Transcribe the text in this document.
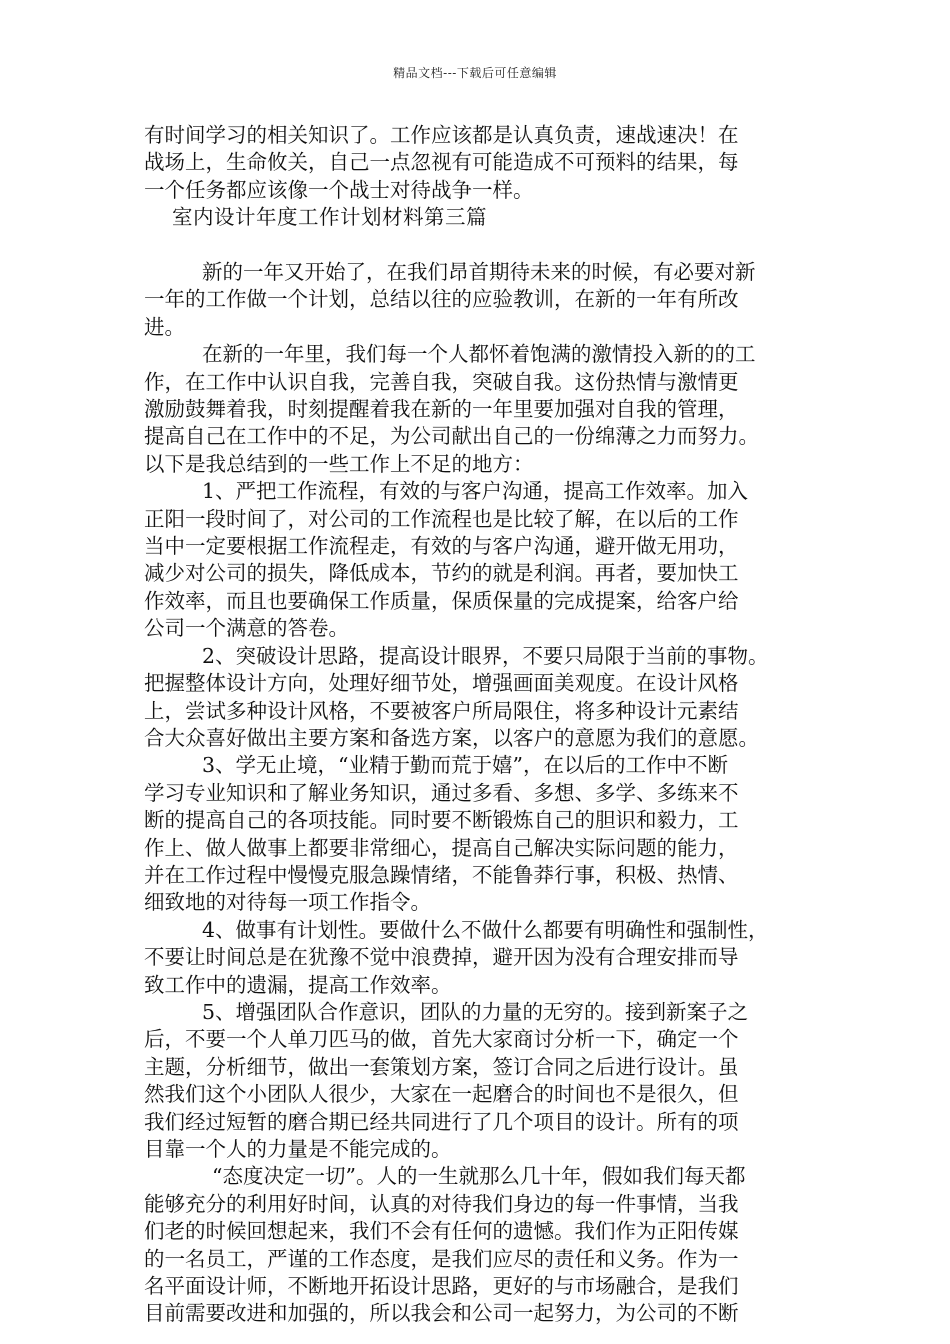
精品文档---下载后可任意编辑
有时间学习的相关知识了。工作应该都是认真负责，速战速决！在
战场上，生命攸关，自己一点忽视有可能造成不可预料的结果，每
一个任务都应该像一个战士对待战争一样。
室内设计年度工作计划材料第三篇
新的一年又开始了，在我们昂首期待未来的时候，有必要对新
一年的工作做一个计划，总结以往的应验教训，在新的一年有所改
进。
在新的一年里，我们每一个人都怀着饱满的激情投入新的的工
作，在工作中认识自我，完善自我，突破自我。这份热情与激情更
激励鼓舞着我，时刻提醒着我在新的一年里要加强对自我的管理，
提高自己在工作中的不足，为公司献出自己的一份绵薄之力而努力。
以下是我总结到的一些工作上不足的地方：
1、严把工作流程，有效的与客户沟通，提高工作效率。加入
正阳一段时间了，对公司的工作流程也是比较了解，在以后的工作
当中一定要根据工作流程走，有效的与客户沟通，避开做无用功，
减少对公司的损失，降低成本，节约的就是利润。再者，要加快工
作效率，而且也要确保工作质量，保质保量的完成提案，给客户给
公司一个满意的答卷。
2、突破设计思路，提高设计眼界，不要只局限于当前的事物。
把握整体设计方向，处理好细节处，增强画面美观度。在设计风格
上，尝试多种设计风格，不要被客户所局限住，将多种设计元素结
合大众喜好做出主要方案和备选方案，以客户的意愿为我们的意愿。
3、学无止境，“业精于勤而荒于嬉”，在以后的工作中不断
学习专业知识和了解业务知识，通过多看、多想、多学、多练来不
断的提高自己的各项技能。同时要不断锻炼自己的胆识和毅力，工
作上、做人做事上都要非常细心，提高自己解决实际问题的能力，
并在工作过程中慢慢克服急躁情绪，不能鲁莽行事，积极、热情、
细致地的对待每一项工作指令。
4、做事有计划性。要做什么不做什么都要有明确性和强制性，
不要让时间总是在犹豫不觉中浪费掉，避开因为没有合理安排而导
致工作中的遗漏，提高工作效率。
5、增强团队合作意识，团队的力量的无穷的。接到新案子之
后，不要一个人单刀匹马的做，首先大家商讨分析一下，确定一个
主题，分析细节，做出一套策划方案，签订合同之后进行设计。虽
然我们这个小团队人很少，大家在一起磨合的时间也不是很久，但
我们经过短暂的磨合期已经共同进行了几个项目的设计。所有的项
目靠一个人的力量是不能完成的。
“态度决定一切”。人的一生就那么几十年，假如我们每天都
能够充分的利用好时间，认真的对待我们身边的每一件事情，当我
们老的时候回想起来，我们不会有任何的遗憾。我们作为正阳传媒
的一名员工，严谨的工作态度，是我们应尽的责任和义务。作为一
名平面设计师，不断地开拓设计思路，更好的与市场融合，是我们
目前需要改进和加强的，所以我会和公司一起努力，为公司的不断
